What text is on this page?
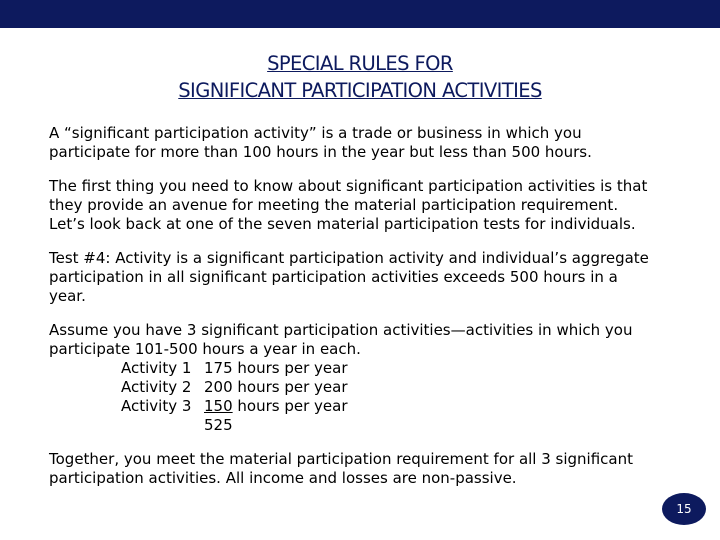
SPECIAL RULES FOR
SIGNIFICANT PARTICIPATION ACTIVITIES
A “significant participation activity” is a trade or business in which you
participate for more than 100 hours in the year but less than 500 hours.
The first thing you need to know about significant participation activities is that
they provide an avenue for meeting the material participation requirement.
Let’s look back at one of the seven material participation tests for individuals.
Test #4: Activity is a significant participation activity and individual’s aggregate
participation in all significant participation activities exceeds 500 hours in a
year.
Assume you have 3 significant participation activities—activities in which you
participate 101-500 hours a year in each.
Activity 1 175 hours per year
Activity 2 200 hours per year
Activity 3 150 hours per year
525
Together, you meet the material participation requirement for all 3 significant
participation activities. All income and losses are non-passive.
15
